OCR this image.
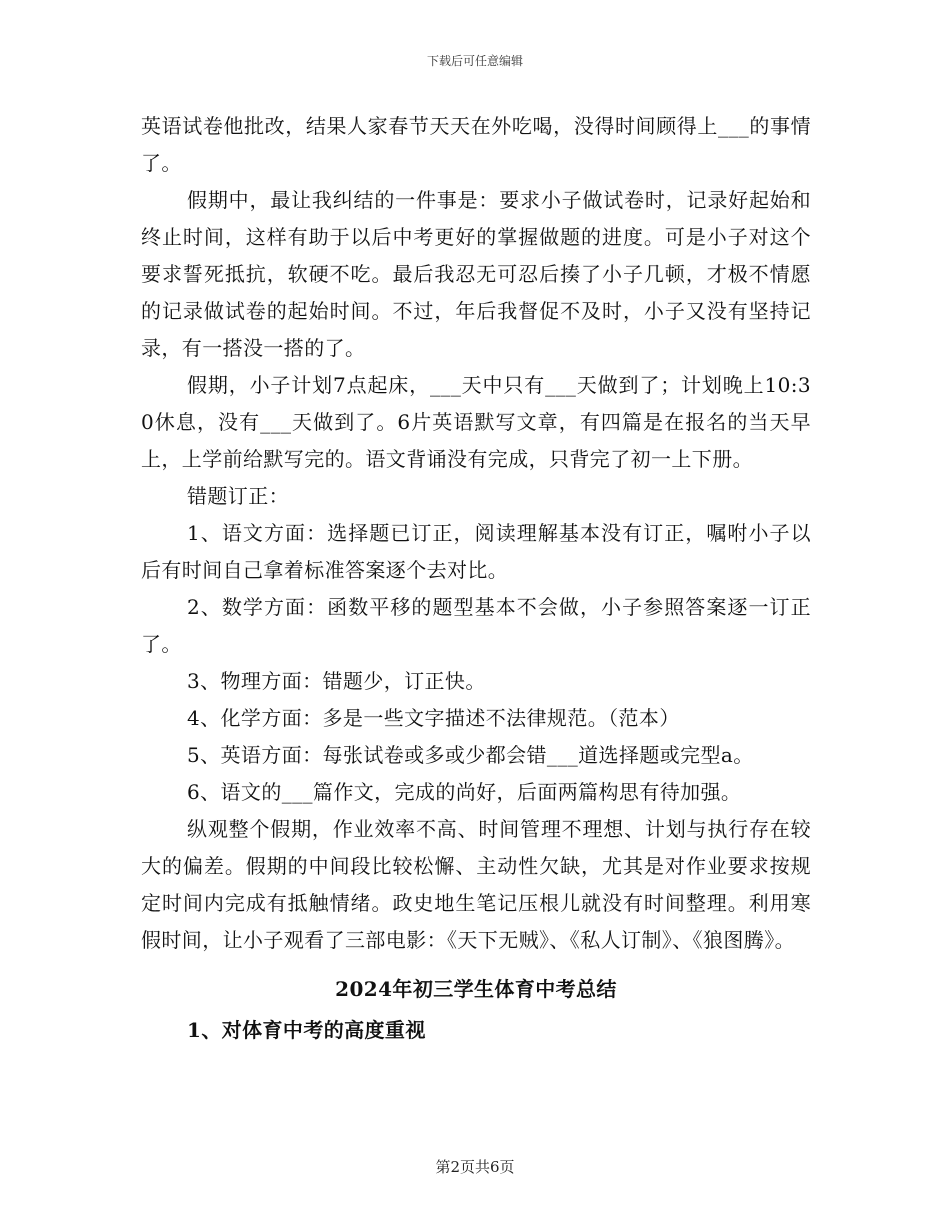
下载后可任意编辑

英语试卷他批改，结果人家春节天天在外吃喝，没得时间顾得上___的事情了。

假期中，最让我纠结的一件事是：要求小子做试卷时，记录好起始和终止时间，这样有助于以后中考更好的掌握做题的进度。可是小子对这个要求誓死抵抗，软硬不吃。最后我忍无可忍后揍了小子几顿，才极不情愿的记录做试卷的起始时间。不过，年后我督促不及时，小子又没有坚持记录，有一搭没一搭的了。

假期，小子计划7点起床，___天中只有___天做到了；计划晚上10:30休息，没有___天做到了。6片英语默写文章，有四篇是在报名的当天早上，上学前给默写完的。语文背诵没有完成，只背完了初一上下册。

错题订正：

1、语文方面：选择题已订正，阅读理解基本没有订正，嘱咐小子以后有时间自己拿着标准答案逐个去对比。

2、数学方面：函数平移的题型基本不会做，小子参照答案逐一订正了。

3、物理方面：错题少，订正快。

4、化学方面：多是一些文字描述不法律规范。（范本）

5、英语方面：每张试卷或多或少都会错___道选择题或完型a。

6、语文的___篇作文，完成的尚好，后面两篇构思有待加强。

纵观整个假期，作业效率不高、时间管理不理想、计划与执行存在较大的偏差。假期的中间段比较松懈、主动性欠缺，尤其是对作业要求按规定时间内完成有抵触情绪。政史地生笔记压根儿就没有时间整理。利用寒假时间，让小子观看了三部电影：《天下无贼》、《私人订制》、《狼图腾》。

2024年初三学生体育中考总结
1、对体育中考的高度重视
第2页共6页
